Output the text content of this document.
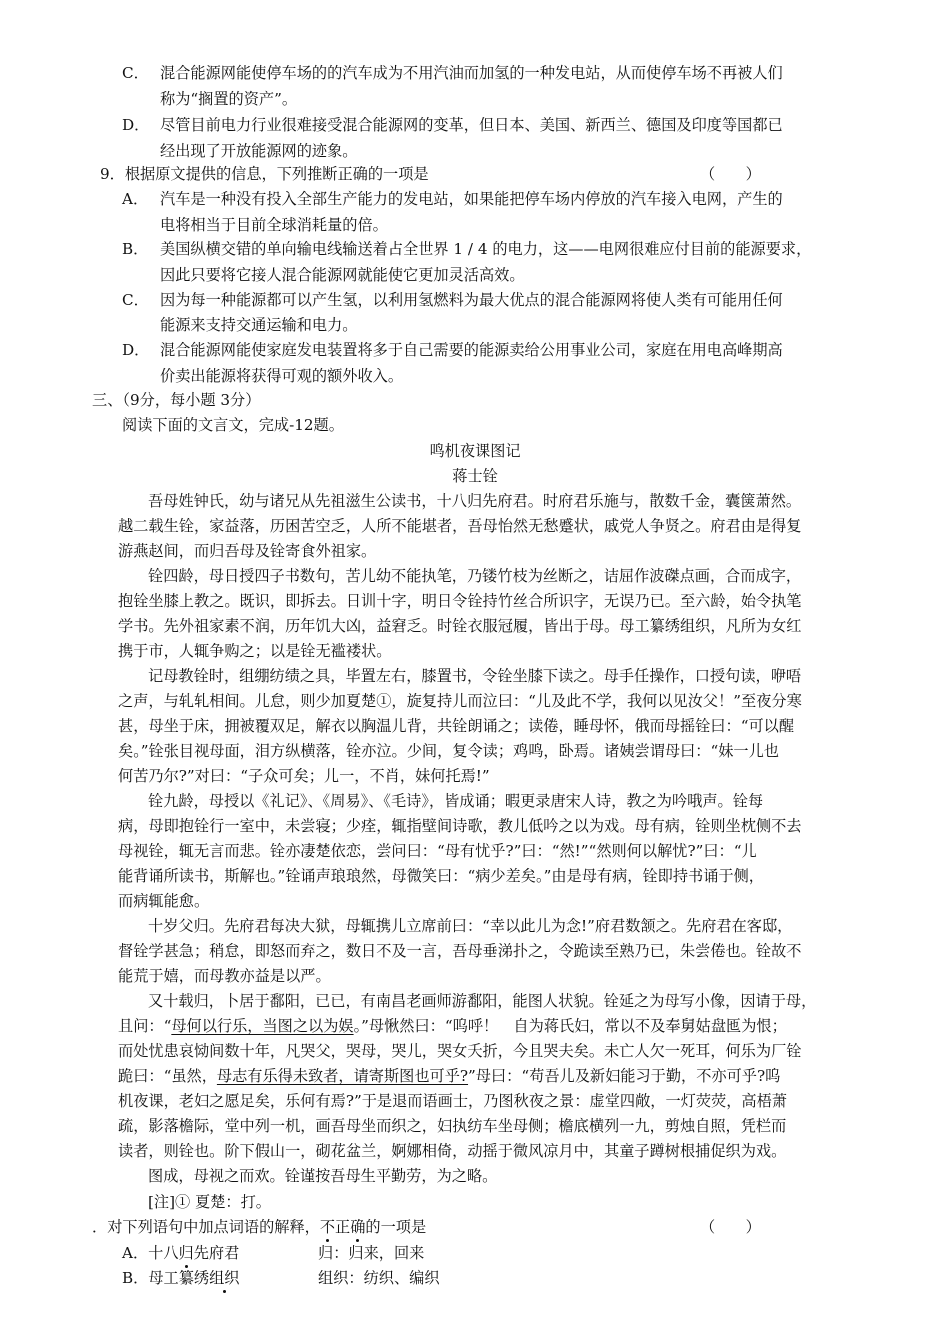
C． 混合能源网能使停车场的的汽车成为不用汽油而加氢的一种发电站，从而使停车场不再被人们
称为“搁置的资产”。
D． 尽管目前电力行业很难接受混合能源网的变革，但日本、美国、新西兰、德国及印度等国都已
经出现了开放能源网的迹象。
9．根据原文提供的信息，下列推断正确的一项是	（　　）
A． 汽车是一种没有投入全部生产能力的发电站，如果能把停车场内停放的汽车接入电网，产生的
电将相当于目前全球消耗量的倍。
B． 美国纵横交错的单向输电线输送着占全世界 1 / 4 的电力，这——电网很难应付目前的能源要求，
因此只要将它接人混合能源网就能使它更加灵活高效。
C． 因为每一种能源都可以产生氢，以利用氢燃料为最大优点的混合能源网将使人类有可能用任何
能源来支持交通运输和电力。
D． 混合能源网能使家庭发电装置将多于自己需要的能源卖给公用事业公司，家庭在用电高峰期高
价卖出能源将获得可观的额外收入。
三、（9分，每小题 3分）
阅读下面的文言文，完成-12题。
鸣机夜课图记
蒋士铨
吾母姓钟氏，幼与诸兄从先祖滋生公读书，十八归先府君。时府君乐施与，散数千金，囊箧萧然。
越二载生铨，家益落，历困苦空乏，人所不能堪者，吾母怡然无愁蹙状，戚党人争贤之。府君由是得复
游燕赵间，而归吾母及铨寄食外祖家。
铨四龄，母日授四子书数句，苦儿幼不能执笔，乃镂竹枝为丝断之，诘屈作波磔点画，合而成字，
抱铨坐膝上教之。既识，即拆去。日训十字，明日令铨持竹丝合所识字，无误乃已。至六龄，始令执笔
学书。先外祖家素不润，历年饥大凶，益窘乏。时铨衣服冠履，皆出于母。母工纂绣组织，凡所为女红
携于市，人辄争购之；以是铨无褴褛状。
记母教铨时，组绷纺绩之具，毕置左右，膝置书，令铨坐膝下读之。母手任操作，口授句读，咿唔
之声，与轧轧相间。儿怠，则少加夏楚①，旋复持儿而泣曰：“儿及此不学，我何以见汝父！”至夜分寒
甚，母坐于床，拥被覆双足，解衣以胸温儿背，共铨朗诵之；读倦，睡母怀，俄而母摇铨曰：“可以醒
矣。”铨张目视母面，泪方纵横落，铨亦泣。少间，复令读；鸡鸣，卧焉。诸姨尝谓母曰：“妹一儿也
何苦乃尔?”对曰：“子众可矣；儿一，不肖，妹何托焉!”
铨九龄，母授以《礼记》、《周易》、《毛诗》，皆成诵；暇更录唐宋人诗，教之为吟哦声。铨每
病，母即抱铨行一室中，未尝寝；少痊，辄指壁间诗歌，教儿低吟之以为戏。母有病，铨则坐枕侧不去
母视铨，辄无言而悲。铨亦凄楚依恋，尝问曰：“母有忧乎?”曰：“然!”“然则何以解忧?”曰：“儿
能背诵所读书，斯解也。”铨诵声琅琅然，母微笑曰：“病少差矣。”由是母有病，铨即持书诵于侧，
而病辄能愈。
十岁父归。先府君每决大狱，母辄携儿立席前曰：“幸以此儿为念!”府君数颔之。先府君在客邸，
督铨学甚急；稍怠，即怒而弃之，数日不及一言，吾母垂涕扑之，令跪读至熟乃已，朱尝倦也。铨故不
能荒于嬉，而母教亦益是以严。
又十载归，卜居于鄱阳，已已，有南昌老画师游鄱阳，能图人状貌。铨延之为母写小像，因请于母，
且问：“母何以行乐，当图之以为娱。”母愀然曰：“呜呼！　自为蒋氏妇，常以不及奉舅姑盘匜为恨；
而处忧患哀恸间数十年，凡哭父，哭母，哭儿，哭女夭折，今且哭夫矣。未亡人欠一死耳，何乐为厂铨
跪曰：“虽然，母志有乐得未致者，请寄斯图也可乎?”母曰：“苟吾儿及新妇能习于勤，不亦可乎?呜
机夜课，老妇之愿足矣，乐何有焉?”于是退而语画士，乃图秋夜之景：虚堂四敞，一灯荧荧，高梧萧
疏，影落檐际，堂中列一机，画吾母坐而织之，妇执纺车坐母侧；檐底横列一九，剪烛自照，凭栏而
读者，则铨也。阶下假山一，砌花盆兰，婀娜相倚，动摇于微风凉月中，其童子蹲树根捕促织为戏。
图成，母视之而欢。铨谨按吾母生平勤劳，为之略。
[注]① 夏楚：打。
．对下列语句中加点词语的解释，不正确的一项是	（　　）
A．十八归先府君	归：归来，回来
B．母工纂绣组织	组织：纺织、编织
